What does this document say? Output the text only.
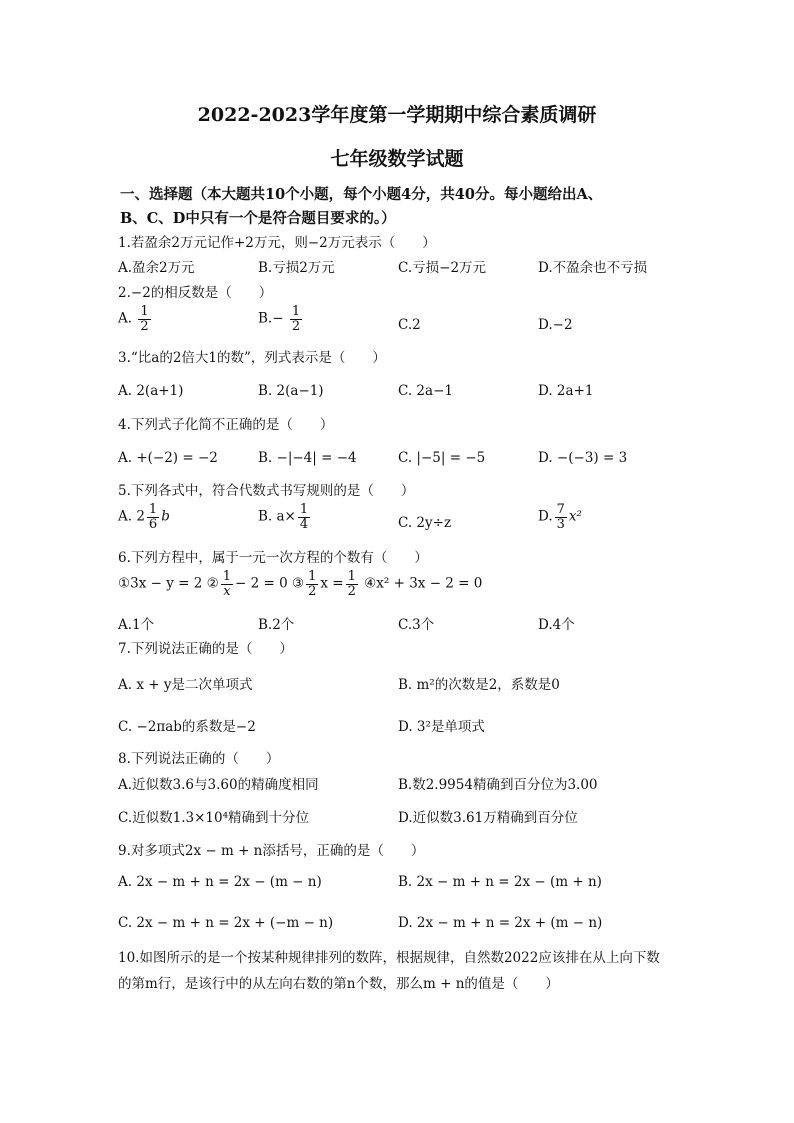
2022-2023学年度第一学期期中综合素质调研
七年级数学试题
一、选择题（本大题共10个小题，每个小题4分，共40分。每小题给出A、
B、C、D中只有一个是符合题目要求的。）
1.若盈余2万元记作+2万元，则−2万元表示（　　）
A.盈余2万元	B.亏损2万元	C.亏损−2万元	D.不盈余也不亏损
2.−2的相反数是（　　）
A. $\frac{1}{2}$	$B.- \frac{1}{2}$	C.2	D.−2
3.“比a的2倍大1的数”，列式表示是（　　）
A. 2(a+1)	B. 2(a−1)	C. 2a−1	D. 2a+1
4.下列式子化简不正确的是（　　）
A. +(−2) = −2	B. −|−4| = −4	C. |−5| = −5	D. −(−3) = 3
5.下列各式中，符合代数式书写规则的是（　　）
A. $2 \frac{1}{6}$ b	B. $a\times \frac{1}{4}$	C. 2y÷z	D. $\frac{7}{3} x^2$
6.下列方程中，属于一元一次方程的个数有（　　）
①3x − y = 2 ② $\frac{1}{x} - 2 = 0$ ③ $\frac{1}{2}$ $x = \frac{1}{2}$ ④x² + 3x − 2 = 0
A.1个	B.2个	C.3个	D.4个
7.下列说法正确的是（　　）
A. x + y是二次单项式	B. m²的次数是2，系数是0
C. −2πab的系数是−2	D. 3²是单项式
8.下列说法正确的（　　）
A.近似数3.6与3.60的精确度相同	B.数2.9954精确到百分位为3.00
C.近似数1.3×10⁴精确到十分位	D.近似数3.61万精确到百分位
9.对多项式2x − m + n添括号，正确的是（　　）
A. 2x − m + n = 2x − (m − n)	B. 2x − m + n = 2x − (m + n)
C. 2x − m + n = 2x + (−m − n)	D. 2x − m + n = 2x + (m − n)
10.如图所示的是一个按某种规律排列的数阵，根据规律，自然数2022应该排在从上向下数
的第m行，是该行中的从左向右数的第n个数，那么m + n的值是（　　）
